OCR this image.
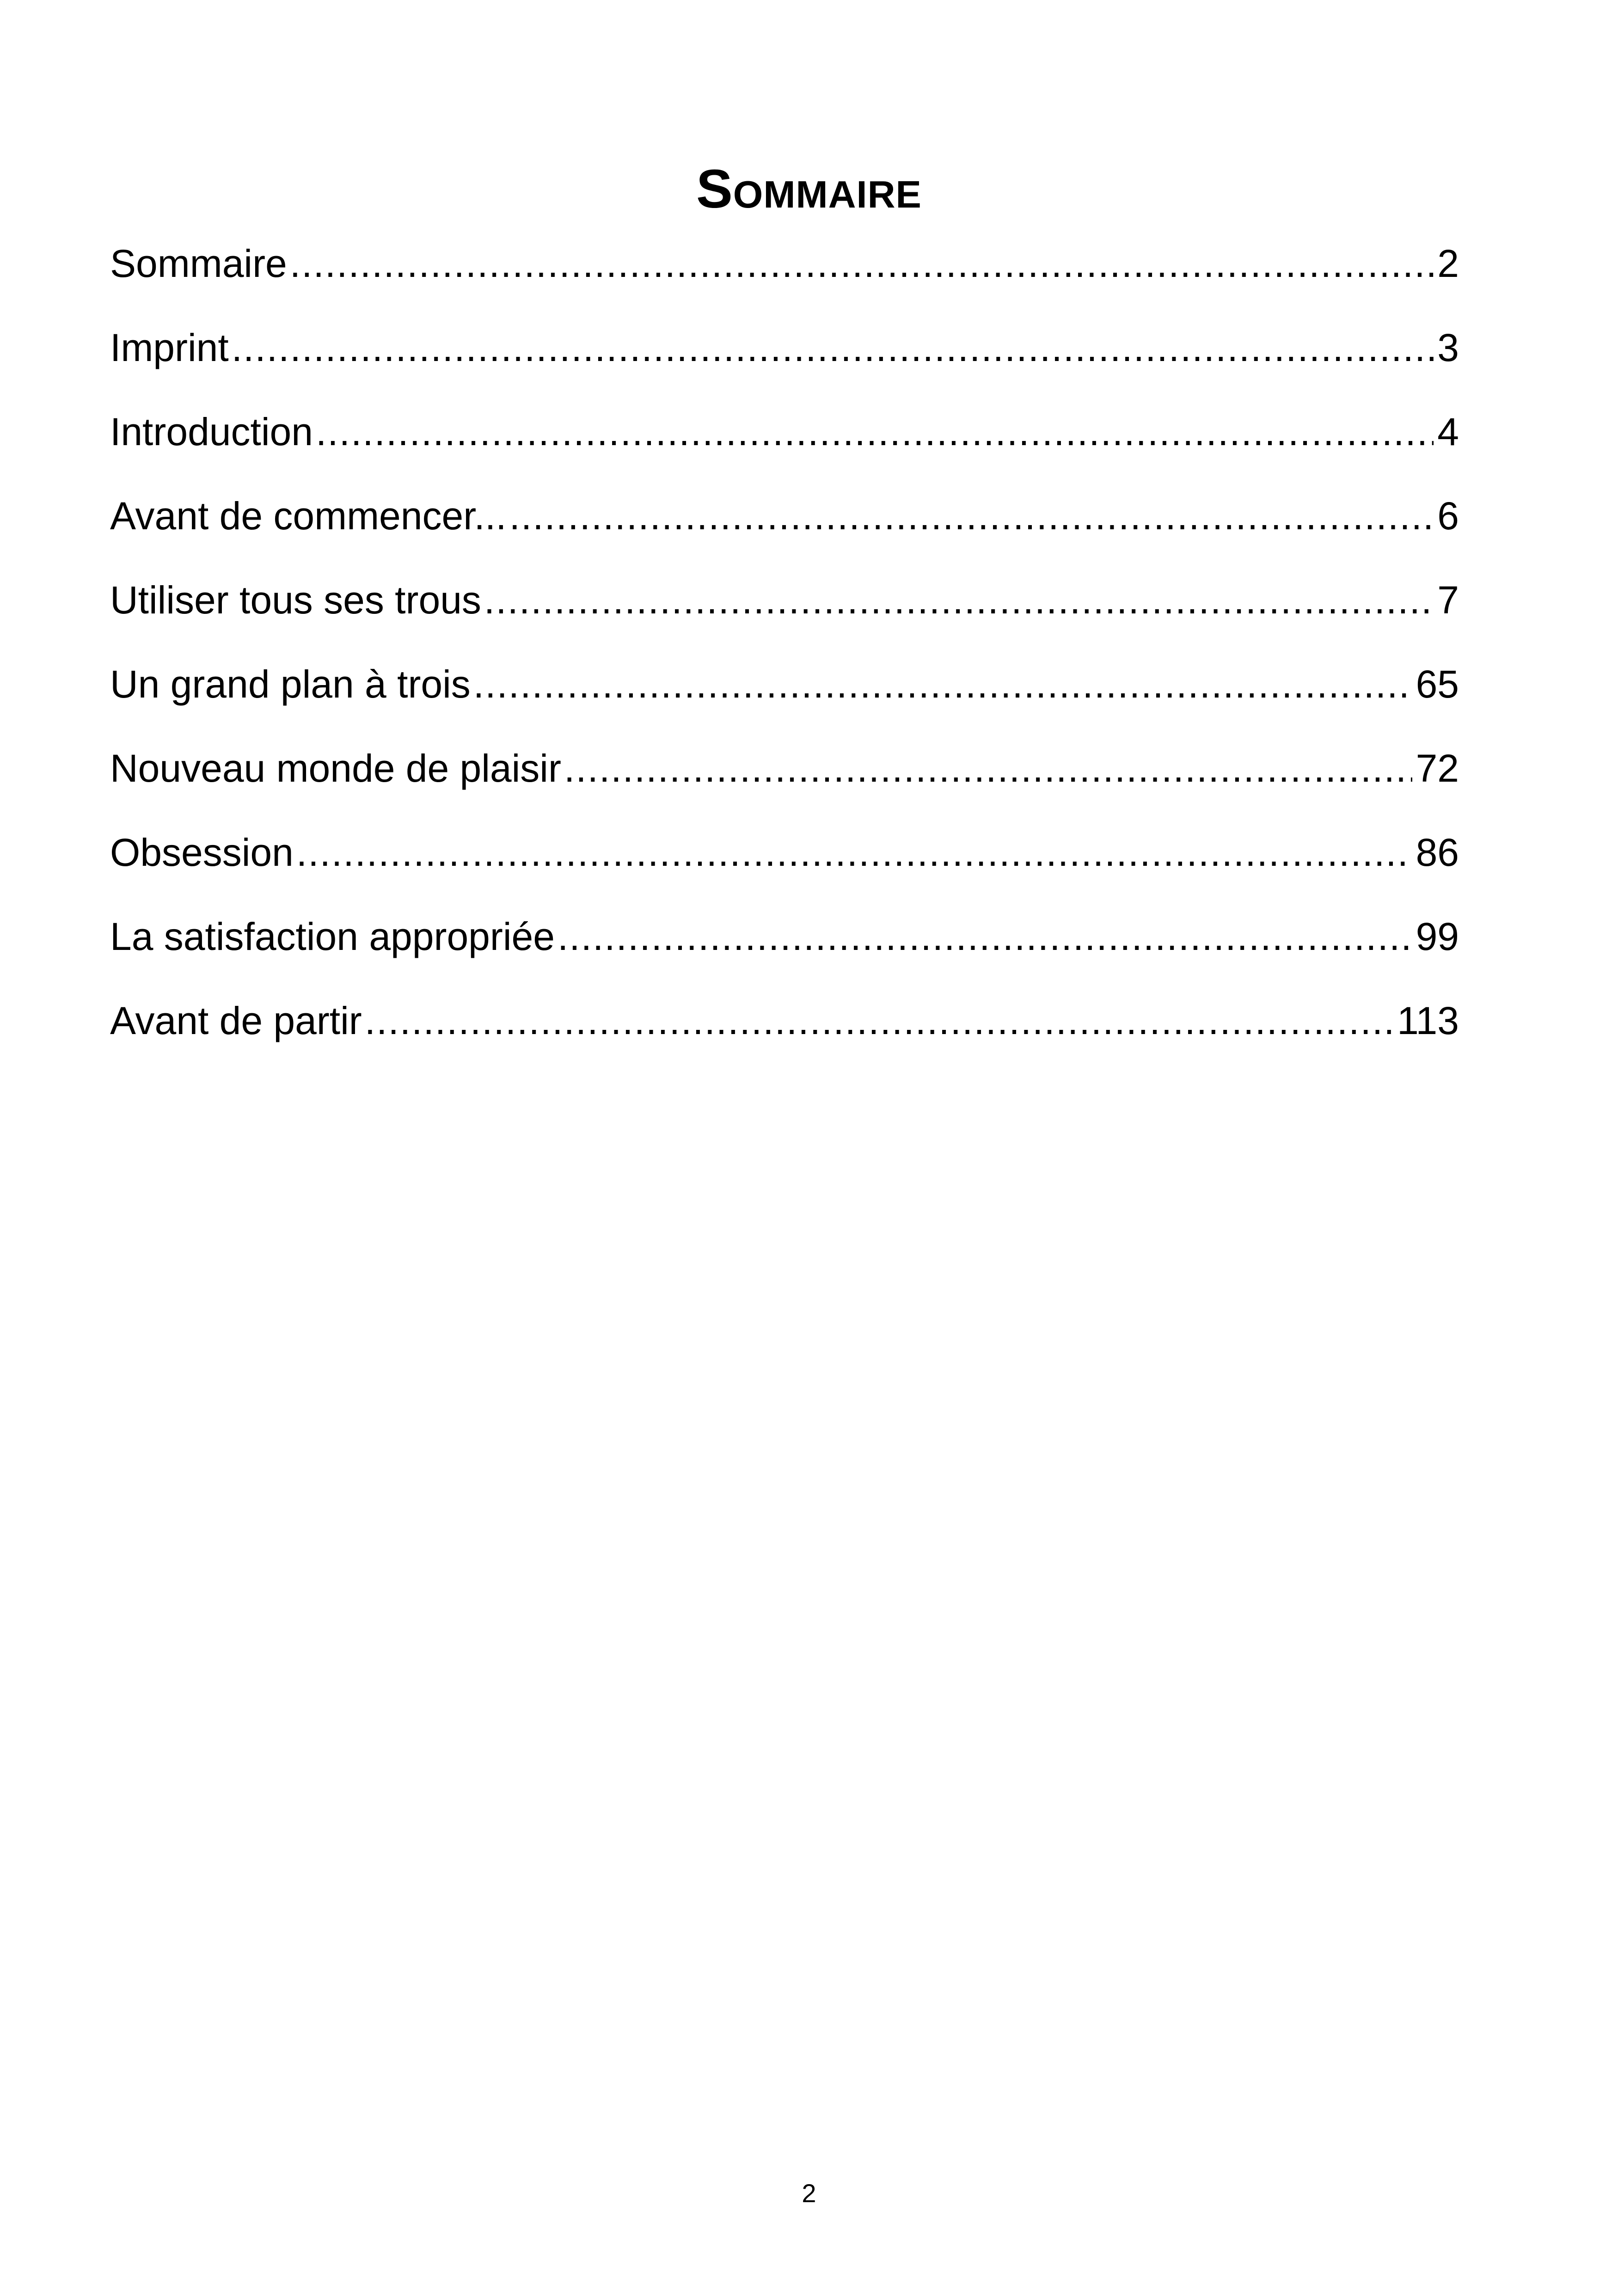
Sommaire
Sommaire .....	2
Imprint .....	3
Introduction .....	4
Avant de commencer... .....	6
Utiliser tous ses trous .....	7
Un grand plan à trois .....	65
Nouveau monde de plaisir .....	72
Obsession .....	86
La satisfaction appropriée .....	99
Avant de partir .....	113
2
